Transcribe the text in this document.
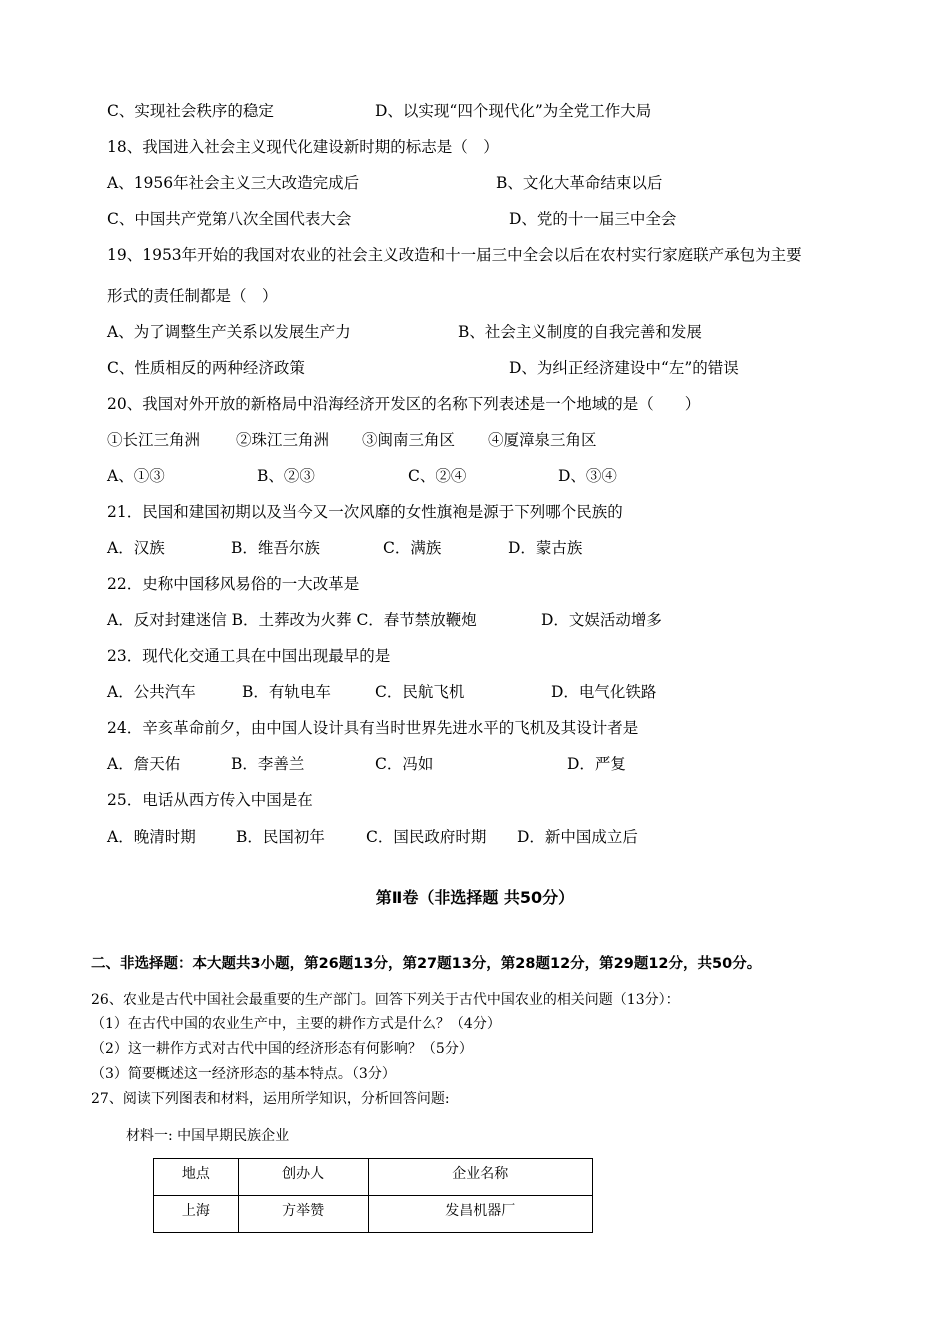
C、实现社会秩序的稳定	D、以实现“四个现代化”为全党工作大局
18、我国进入社会主义现代化建设新时期的标志是（　）
A、1956年社会主义三大改造完成后	B、文化大革命结束以后
C、中国共产党第八次全国代表大会	D、党的十一届三中全会
19、1953年开始的我国对农业的社会主义改造和十一届三中全会以后在农村实行家庭联产承包为主要
形式的责任制都是（　）
A、为了调整生产关系以发展生产力	B、社会主义制度的自我完善和发展
C、性质相反的两种经济政策	D、为纠正经济建设中“左”的错误
20、我国对外开放的新格局中沿海经济开发区的名称下列表述是一个地域的是（　　）
①长江三角洲 ②珠江三角洲 ③闽南三角区 ④厦漳泉三角区
A、①③	B、②③	C、②④	D、③④
21．民国和建国初期以及当今又一次风靡的女性旗袍是源于下列哪个民族的
A．汉族	B．维吾尔族	C．满族	D．蒙古族
22．史称中国移风易俗的一大改革是
A．反对封建迷信 B．土葬改为火葬 C．春节禁放鞭炮	D．文娱活动增多
23．现代化交通工具在中国出现最早的是
A．公共汽车	B．有轨电车	C．民航飞机	D．电气化铁路
24．辛亥革命前夕，由中国人设计具有当时世界先进水平的飞机及其设计者是
A．詹天佑	B．李善兰	C．冯如	D．严复
25．电话从西方传入中国是在
A．晚清时期	B．民国初年	C．国民政府时期 D．新中国成立后
第Ⅱ卷（非选择题 共50分）
二、非选择题：本大题共3小题，第26题13分，第27题13分，第28题12分，第29题12分，共50分。
26、农业是古代中国社会最重要的生产部门。回答下列关于古代中国农业的相关问题（13分）：
（1）在古代中国的农业生产中，主要的耕作方式是什么？（4分）
（2）这一耕作方式对古代中国的经济形态有何影响？（5分）
（3）简要概述这一经济形态的基本特点。（3分）
27、阅读下列图表和材料，运用所学知识，分析回答问题:
材料一: 中国早期民族企业
地点	创办人	企业名称
上海	方举赞	发昌机器厂
